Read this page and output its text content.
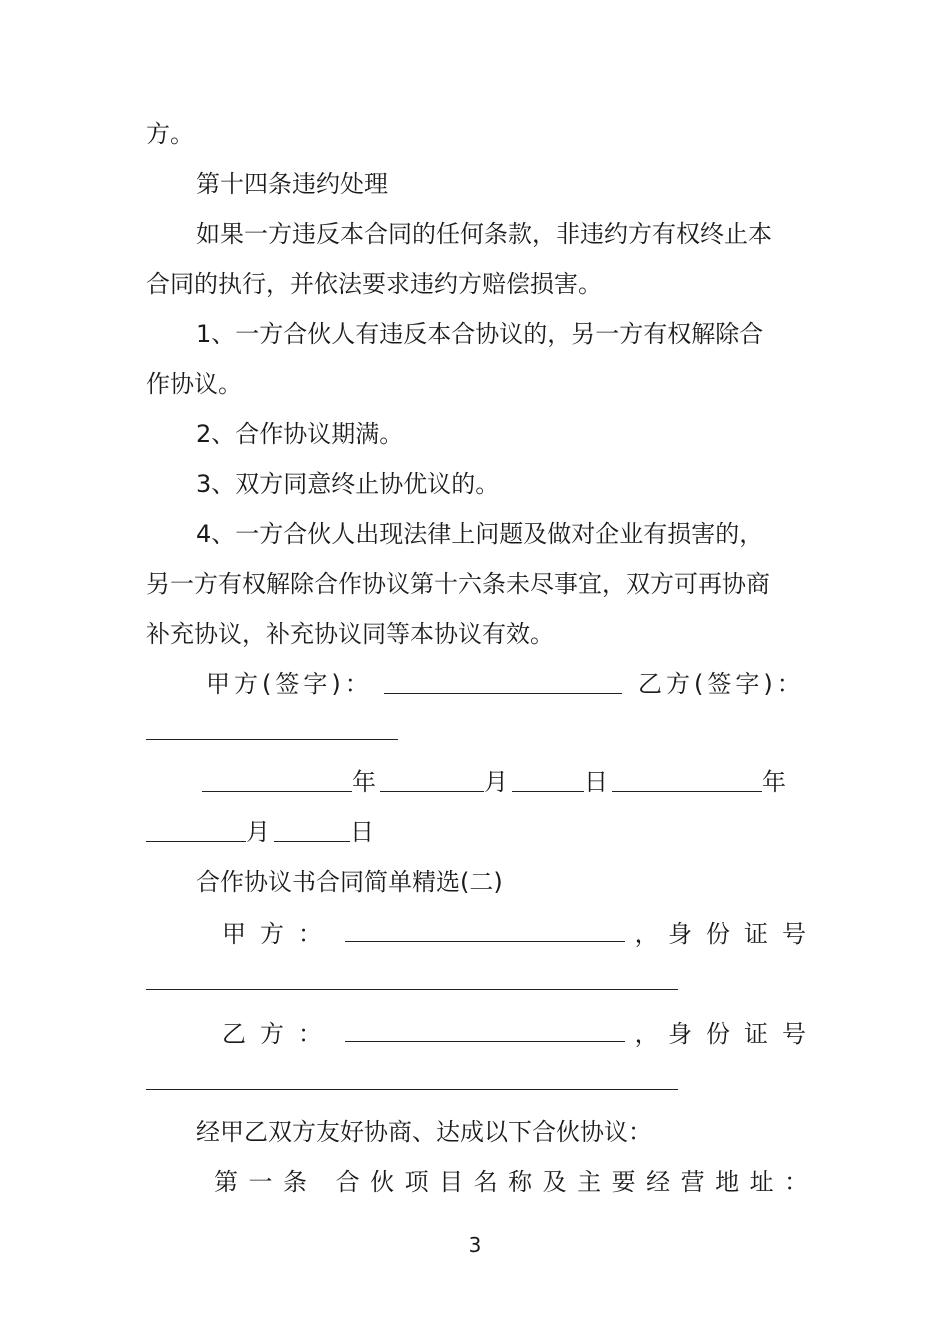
方。
第十四条违约处理
如果一方违反本合同的任何条款，非违约方有权终止本
合同的执行，并依法要求违约方赔偿损害。
1、一方合伙人有违反本合协议的，另一方有权解除合
作协议。
2、合作协议期满。
3、双方同意终止协优议的。
4、一方合伙人出现法律上问题及做对企业有损害的，
另一方有权解除合作协议第十六条未尽事宜，双方可再协商
补充协议，补充协议同等本协议有效。
甲方(签字)：	乙方(签字)：
年	月	日	年
月	日
合作协议书合同简单精选(二)
甲方：	， 身份证号
乙方：	， 身份证号
经甲乙双方友好协商、达成以下合伙协议：
第一条 合伙项目名称及主要经营地址：
3
